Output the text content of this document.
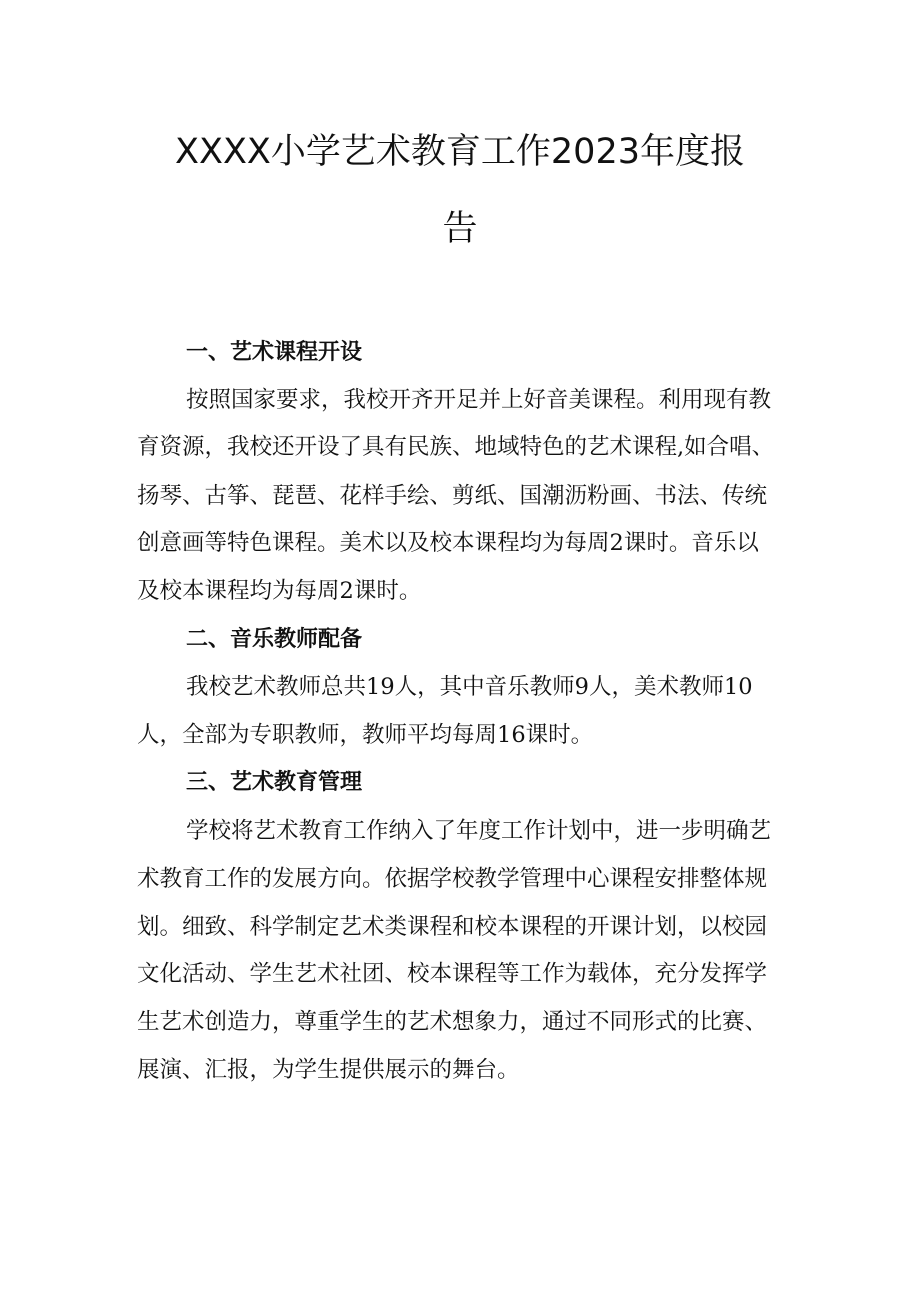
XXXX小学艺术教育工作2023年度报
告
一、艺术课程开设

按照国家要求，我校开齐开足并上好音美课程。利用现有教

育资源，我校还开设了具有民族、地域特色的艺术课程,如合唱、

扬琴、古筝、琵琶、花样手绘、剪纸、国潮沥粉画、书法、传统

创意画等特色课程。美术以及校本课程均为每周2课时。音乐以

及校本课程均为每周2课时。

二、音乐教师配备

我校艺术教师总共19人，其中音乐教师9人，美术教师10

人，全部为专职教师，教师平均每周16课时。

三、艺术教育管理

学校将艺术教育工作纳入了年度工作计划中，进一步明确艺

术教育工作的发展方向。依据学校教学管理中心课程安排整体规

划。细致、科学制定艺术类课程和校本课程的开课计划，以校园

文化活动、学生艺术社团、校本课程等工作为载体，充分发挥学

生艺术创造力，尊重学生的艺术想象力，通过不同形式的比赛、

展演、汇报，为学生提供展示的舞台。
